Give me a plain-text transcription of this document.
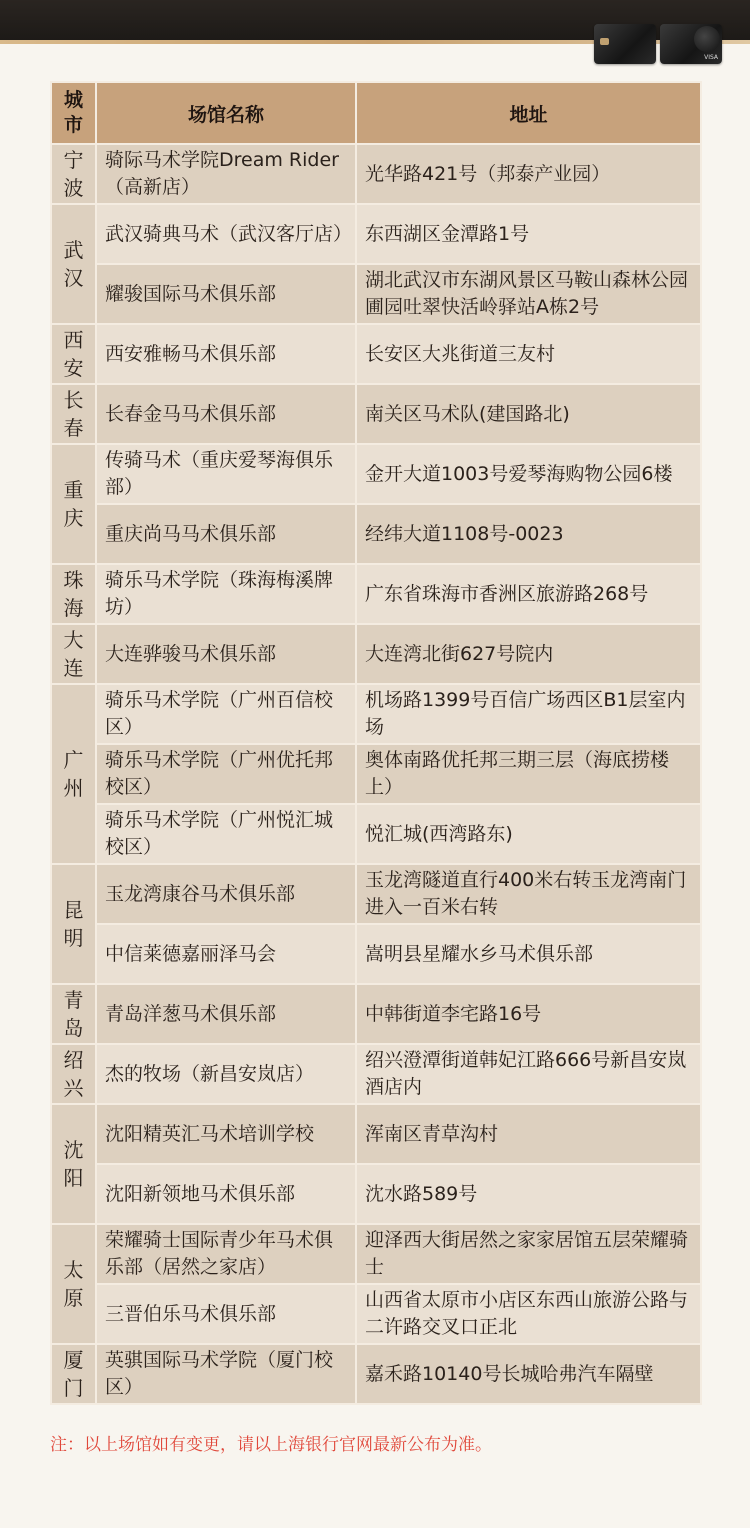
VISA
城市	场馆名称	地址

宁波	骑际马术学院Dream Rider（高新店）	光华路421号（邦泰产业园）

武汉	武汉骑典马术（武汉客厅店）	东西湖区金潭路1号
	耀骏国际马术俱乐部	湖北武汉市东湖风景区马鞍山森林公园圃园吐翠快活岭驿站A栋2号

西安	西安雅畅马术俱乐部	长安区大兆街道三友村

长春	长春金马马术俱乐部	南关区马术队(建国路北)

重庆	传骑马术（重庆爱琴海俱乐部）	金开大道1003号爱琴海购物公园6楼
	重庆尚马马术俱乐部	经纬大道1108号-0023

珠海	骑乐马术学院（珠海梅溪牌坊）	广东省珠海市香洲区旅游路268号

大连	大连骅骏马术俱乐部	大连湾北街627号院内

广州	骑乐马术学院（广州百信校区）	机场路1399号百信广场西区B1层室内场
	骑乐马术学院（广州优托邦校区）	奥体南路优托邦三期三层（海底捞楼上）
	骑乐马术学院（广州悦汇城校区）	悦汇城(西湾路东)

昆明	玉龙湾康谷马术俱乐部	玉龙湾隧道直行400米右转玉龙湾南门进入一百米右转
	中信莱德嘉丽泽马会	嵩明县星耀水乡马术俱乐部

青岛	青岛洋葱马术俱乐部	中韩街道李宅路16号

绍兴	杰的牧场（新昌安岚店）	绍兴澄潭街道韩妃江路666号新昌安岚酒店内

沈阳	沈阳精英汇马术培训学校	浑南区青草沟村
	沈阳新领地马术俱乐部	沈水路589号

太原	荣耀骑士国际青少年马术俱乐部（居然之家店）	迎泽西大街居然之家家居馆五层荣耀骑士
	三晋伯乐马术俱乐部	山西省太原市小店区东西山旅游公路与二许路交叉口正北

厦门	英骐国际马术学院（厦门校区）	嘉禾路10140号长城哈弗汽车隔壁
注：以上场馆如有变更，请以上海银行官网最新公布为准。
